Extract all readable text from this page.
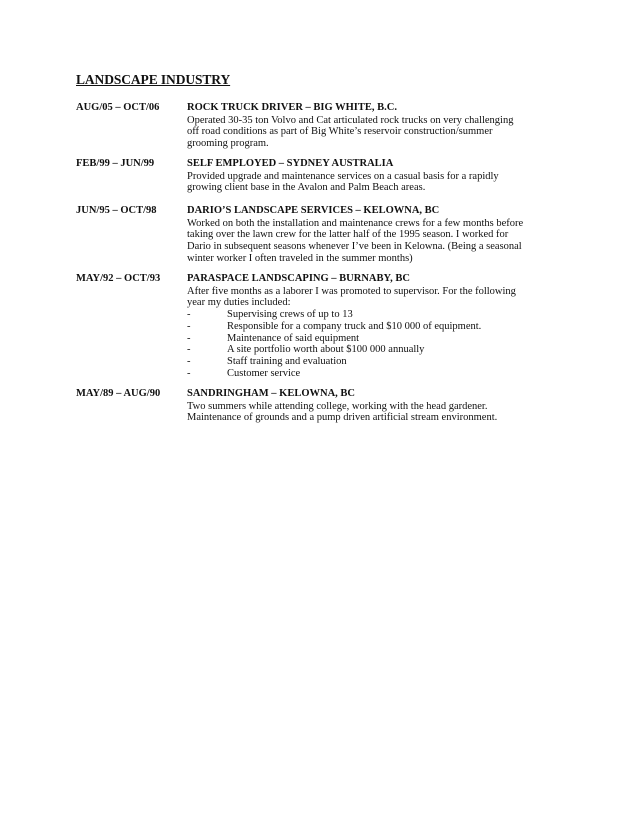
LANDSCAPE INDUSTRY
AUG/05 – OCT/06	ROCK TRUCK DRIVER – BIG WHITE, B.C.
Operated 30-35 ton Volvo and Cat articulated rock trucks on very challenging
off road conditions as part of Big White’s reservoir construction/summer
grooming program.
FEB/99 – JUN/99	SELF EMPLOYED – SYDNEY AUSTRALIA
Provided upgrade and maintenance services on a casual basis for a rapidly
growing client base in the Avalon and Palm Beach areas.
JUN/95 – OCT/98	DARIO’S LANDSCAPE SERVICES – KELOWNA, BC
Worked on both the installation and maintenance crews for a few months before
taking over the lawn crew for the latter half of the 1995 season. I worked for
Dario in subsequent seasons whenever I’ve been in Kelowna. (Being a seasonal
winter worker I often traveled in the summer months)
MAY/92 – OCT/93	PARASPACE LANDSCAPING – BURNABY, BC
After five months as a laborer I was promoted to supervisor. For the following
year my duties included:
-	Supervising crews of up to 13
-	Responsible for a company truck and $10 000 of equipment.
-	Maintenance of said equipment
-	A site portfolio worth about $100 000 annually
-	Staff training and evaluation
-	Customer service
MAY/89 – AUG/90	SANDRINGHAM – KELOWNA, BC
Two summers while attending college, working with the head gardener.
Maintenance of grounds and a pump driven artificial stream environment.
